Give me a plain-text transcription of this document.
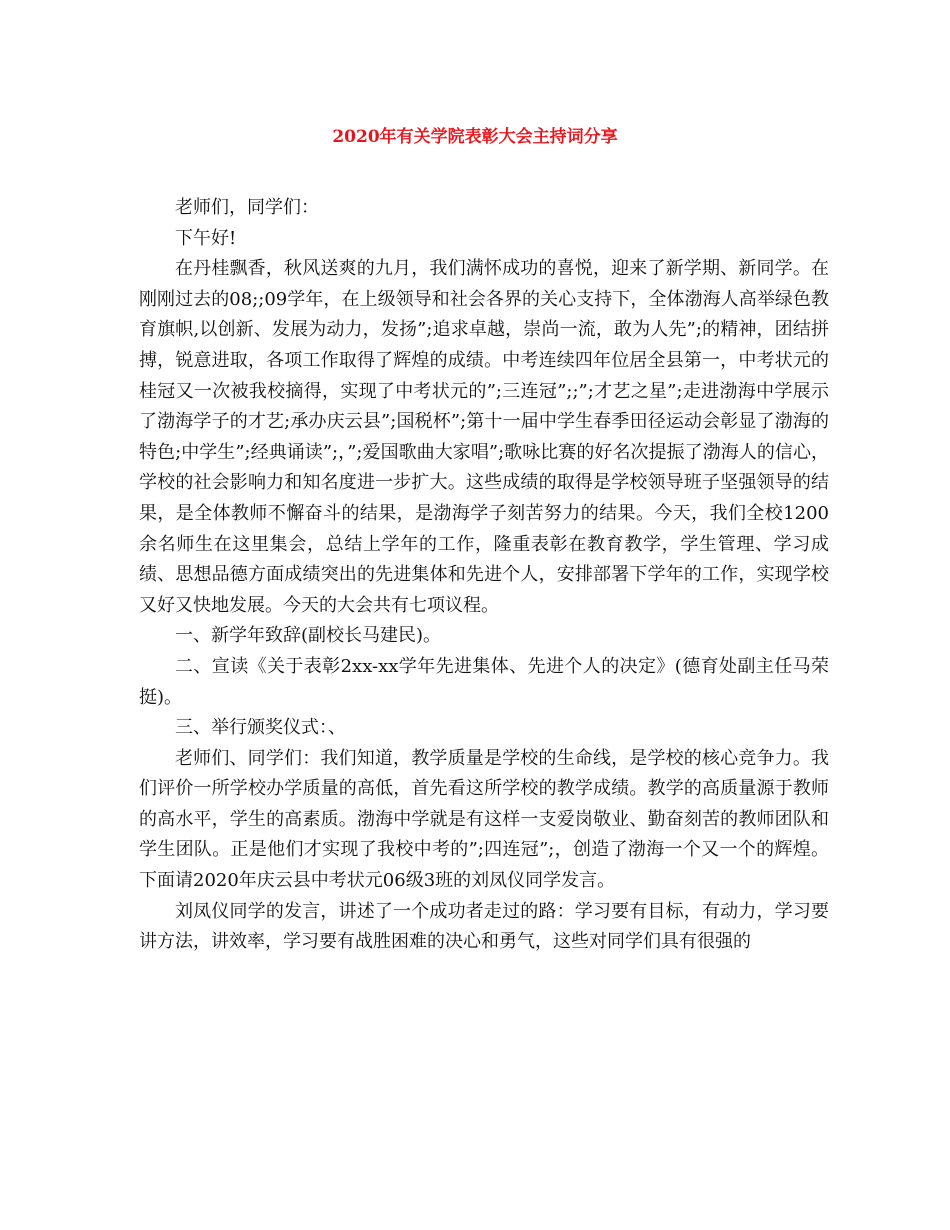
2020年有关学院表彰大会主持词分享

老师们，同学们：

下午好!

在丹桂飘香，秋风送爽的九月，我们满怀成功的喜悦，迎来了新学期、新同学。在刚刚过去的08;;09学年，在上级领导和社会各界的关心支持下，全体渤海人高举绿色教育旗帜,以创新、发展为动力，发扬”;追求卓越，崇尚一流，敢为人先”;的精神，团结拼搏，锐意进取，各项工作取得了辉煌的成绩。中考连续四年位居全县第一，中考状元的桂冠又一次被我校摘得，实现了中考状元的”;三连冠”;;”;才艺之星”;走进渤海中学展示了渤海学子的才艺;承办庆云县”;国税杯”;第十一届中学生春季田径运动会彰显了渤海的特色;中学生”;经典诵读”;，”;爱国歌曲大家唱”;歌咏比赛的好名次提振了渤海人的信心，学校的社会影响力和知名度进一步扩大。这些成绩的取得是学校领导班子坚强领导的结果，是全体教师不懈奋斗的结果，是渤海学子刻苦努力的结果。今天，我们全校1200余名师生在这里集会，总结上学年的工作，隆重表彰在教育教学，学生管理、学习成绩、思想品德方面成绩突出的先进集体和先进个人，安排部署下学年的工作，实现学校又好又快地发展。今天的大会共有七项议程。

一、新学年致辞(副校长马建民)。

二、宣读《关于表彰2xx-xx学年先进集体、先进个人的决定》(德育处副主任马荣挺)。

三、举行颁奖仪式：、

老师们、同学们：我们知道，教学质量是学校的生命线，是学校的核心竞争力。我们评价一所学校办学质量的高低，首先看这所学校的教学成绩。教学的高质量源于教师的高水平，学生的高素质。渤海中学就是有这样一支爱岗敬业、勤奋刻苦的教师团队和学生团队。正是他们才实现了我校中考的”;四连冠”;，创造了渤海一个又一个的辉煌。下面请2020年庆云县中考状元06级3班的刘凤仪同学发言。

刘凤仪同学的发言，讲述了一个成功者走过的路：学习要有目标，有动力，学习要讲方法，讲效率，学习要有战胜困难的决心和勇气，这些对同学们具有很强的
